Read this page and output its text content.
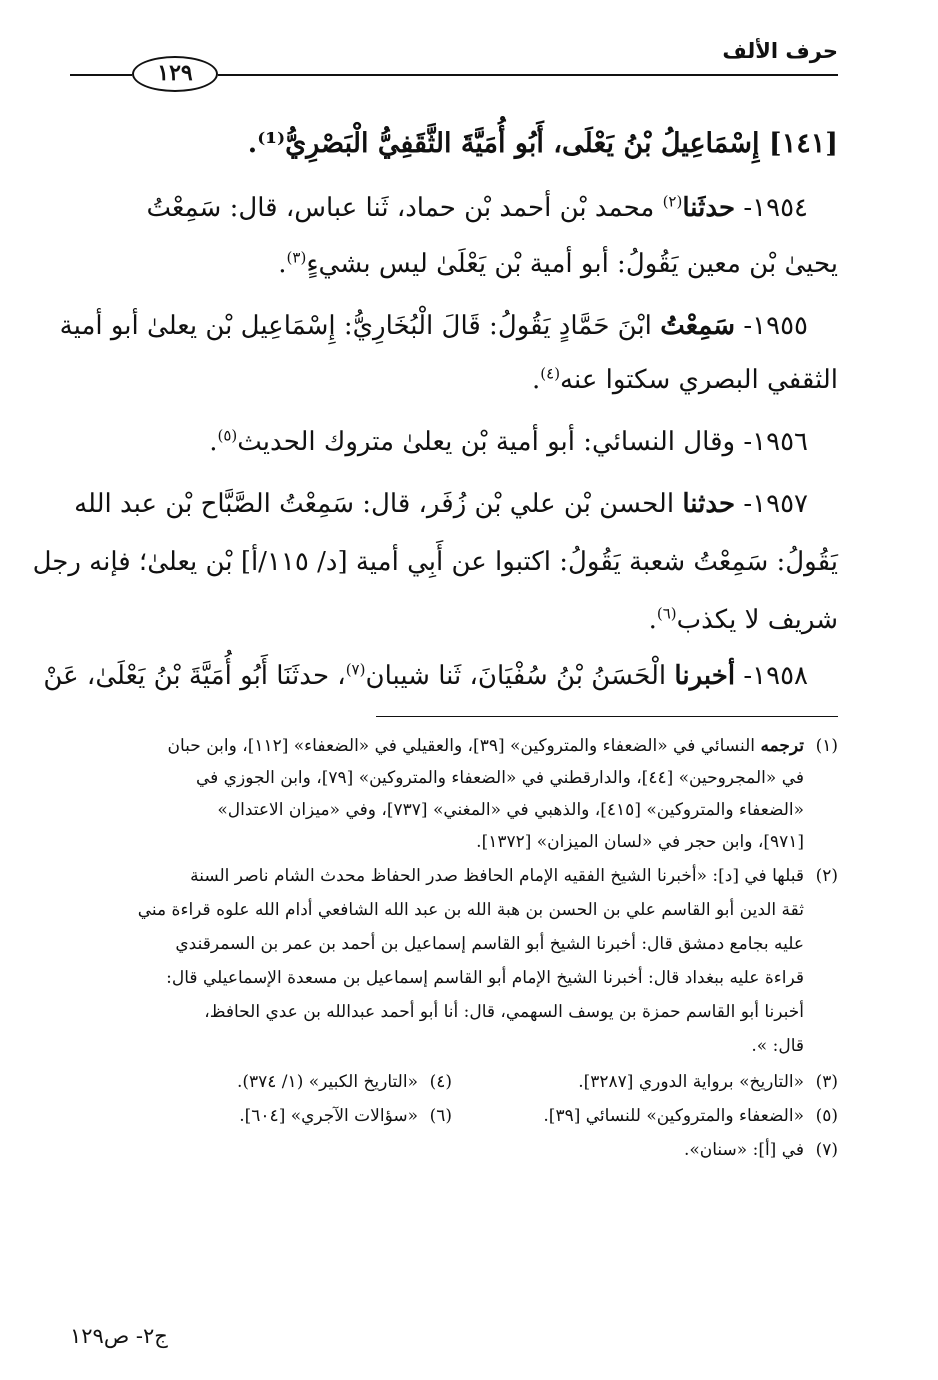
حرف الألف
١٢٩
[١٤١] إِسْمَاعِيلُ بْنُ يَعْلَى، أَبُو أُمَيَّةَ الثَّقَفِيُّ الْبَصْرِيُّ⁽¹⁾.
١٩٥٤- حدثَنا$^{(٢)}$ محمد بْن أحمد بْن حماد، ثَنا عباس، قال: سَمِعْتُ
يحيىٰ بْن معين يَقُولُ: أبو أمية بْن يَعْلَىٰ ليس بشيءٍ$^{(٣)}$.
١٩٥٥- سَمِعْتُ ابْنَ حَمَّادٍ يَقُولُ: قَالَ الْبُخَارِيُّ: إِسْمَاعِيل بْن يعلىٰ أبو أمية
الثقفي البصري سكتوا عنه$^{(٤)}$.
١٩٥٦- وقال النسائي: أبو أمية بْن يعلىٰ متروك الحديث$^{(٥)}$.
١٩٥٧- حدثنا الحسن بْن علي بْن زُفَر، قال: سَمِعْتُ الصَّبَّاح بْن عبد الله
يَقُولُ: سَمِعْتُ شعبة يَقُولُ: اكتبوا عن أَبِي أمية [د/ ١١٥/أ] بْن يعلىٰ؛ فإنه رجل
شريف لا يكذب$^{(٦)}$.
١٩٥٨- أخبرنا الْحَسَنُ بْنُ سُفْيَانَ، ثَنا شيبان$^{(٧)}$، حدثَنَا أَبُو أُمَيَّةَ بْنُ يَعْلَىٰ، عَنْ
(١)ترجمه النسائي في «الضعفاء والمتروكين» [٣٩]، والعقيلي في «الضعفاء» [١١٢]، وابن حبان
في «المجروحين» [٤٤]، والدارقطني في «الضعفاء والمتروكين» [٧٩]، وابن الجوزي في
«الضعفاء والمتروكين» [٤١٥]، والذهبي في «المغني» [٧٣٧]، وفي «ميزان الاعتدال»
[٩٧١]، وابن حجر في «لسان الميزان» [١٣٧٢].
(٢)قبلها في [د]: «أخبرنا الشيخ الفقيه الإمام الحافظ صدر الحفاظ محدث الشام ناصر السنة
ثقة الدين أبو القاسم علي بن الحسن بن هبة الله بن عبد الله الشافعي أدام الله علوه قراءة مني
عليه بجامع دمشق قال: أخبرنا الشيخ أبو القاسم إسماعيل بن أحمد بن عمر بن السمرقندي
قراءة عليه ببغداد قال: أخبرنا الشيخ الإمام أبو القاسم إسماعيل بن مسعدة الإسماعيلي قال:
أخبرنا أبو القاسم حمزة بن يوسف السهمي، قال: أنا أبو أحمد عبدالله بن عدي الحافظ،
قال: ».
(٣)«التاريخ» برواية الدوري [٣٢٨٧].
(٤)«التاريخ الكبير» (١/ ٣٧٤).
(٥)«الضعفاء والمتروكين» للنسائي [٣٩].
(٦)«سؤالات الآجري» [٦٠٤].
(٧)في [أ]: «سنان».
ج٢- ص١٢٩
